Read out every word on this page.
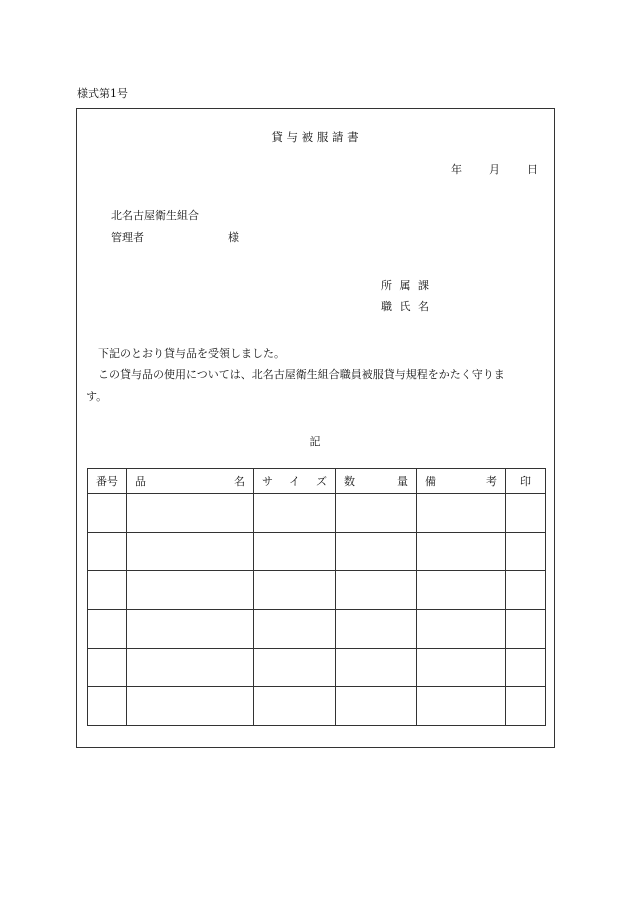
様式第1号
貸 与 被 服 請 書
年 月 日
北名古屋衛生組合
管理者	様
所 属 課
職 氏 名
下記のとおり貸与品を受領しました。
この貸与品の使用については、北名古屋衛生組合職員被服貸与規程をかたく守りま
す。
記
番号	品 名	サ イ ズ	数 量	備 考	印
